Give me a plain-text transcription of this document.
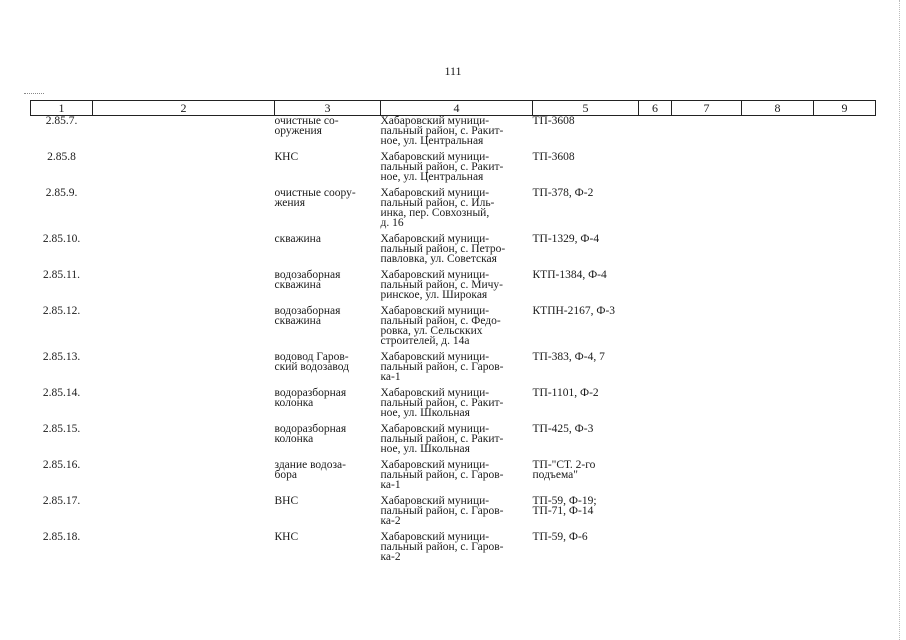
111
1	2	3	4	5	6	7	8	9
2.85.7.		очистные со-
оружения	Хабаровский муници-
пальный район, с. Ракит-
ное, ул. Центральная	ТП-3608				

2.85.8		КНС	Хабаровский муници-
пальный район, с. Ракит-
ное, ул. Центральная	ТП-3608				

2.85.9.		очистные соору-
жения	Хабаровский муници-
пальный район, с. Иль-
инка, пер. Совхозный,
д. 16	ТП-378, Ф-2				

2.85.10.		скважина	Хабаровский муници-
пальный район, с. Петро-
павловка, ул. Советская	ТП-1329, Ф-4				

2.85.11.		водозаборная
скважина	Хабаровский муници-
пальный район, с. Мичу-
ринское, ул. Широкая	КТП-1384, Ф-4				

2.85.12.		водозаборная
скважина	Хабаровский муници-
пальный район, с. Федо-
ровка, ул. Сельскких
строителей, д. 14а	КТПН-2167, Ф-3				

2.85.13.		водовод Гаров-
ский водозавод	Хабаровский муници-
пальный район, с. Гаров-
ка-1	ТП-383, Ф-4, 7				

2.85.14.		водоразборная
колонка	Хабаровский муници-
пальный район, с. Ракит-
ное, ул. Школьная	ТП-1101, Ф-2				

2.85.15.		водоразборная
колонка	Хабаровский муници-
пальный район, с. Ракит-
ное, ул. Школьная	ТП-425, Ф-3				

2.85.16.		здание водоза-
бора	Хабаровский муници-
пальный район, с. Гаров-
ка-1	ТП-"СТ. 2-го
подъема"				

2.85.17.		ВНС	Хабаровский муници-
пальный район, с. Гаров-
ка-2	ТП-59, Ф-19;
ТП-71, Ф-14				

2.85.18.		КНС	Хабаровский муници-
пальный район, с. Гаров-
ка-2	ТП-59, Ф-6				
